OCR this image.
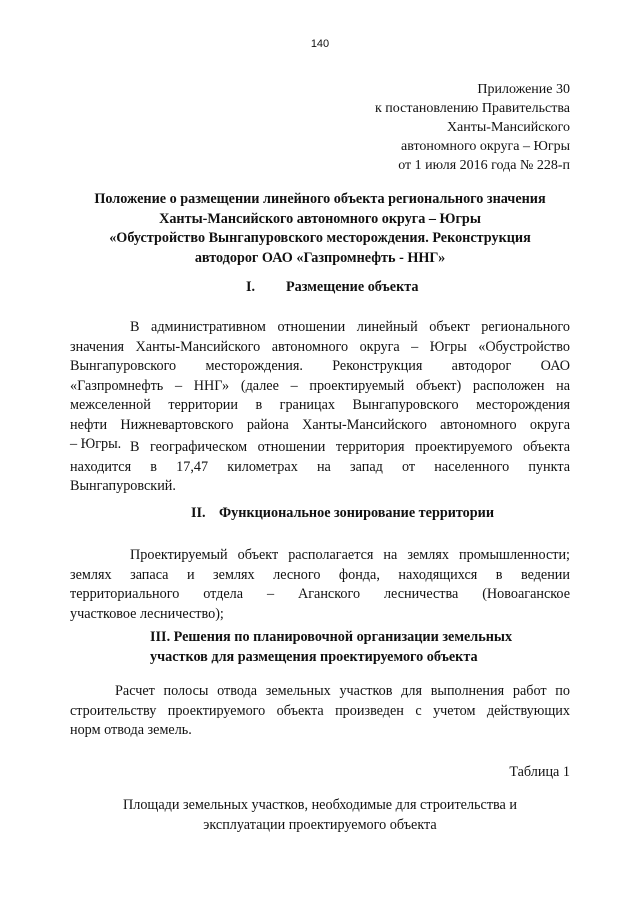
140
Приложение 30
к постановлению Правительства
Ханты-Мансийского
автономного округа – Югры
от 1 июля 2016 года № 228-п
Положение о размещении линейного объекта регионального значения
Ханты-Мансийского автономного округа – Югры
«Обустройство Вынгапуровского месторождения. Реконструкция
автодорог ОАО «Газпромнефть - ННГ»
I. Размещение объекта
В административном отношении линейный объект регионального
значения Ханты-Мансийского автономного округа – Югры «Обустройство
Вынгапуровского месторождения. Реконструкция автодорог ОАО
«Газпромнефть – ННГ» (далее – проектируемый объект) расположен на
межселенной территории в границах Вынгапуровского месторождения
нефти Нижневартовского района Ханты-Мансийского автономного округа
– Югры. В географическом отношении территория проектируемого объекта
находится в 17,47 километрах на запад от населенного пункта
Вынгапуровский.
II. Функциональное зонирование территории
Проектируемый объект располагается на землях промышленности;
землях запаса и землях лесного фонда, находящихся в ведении
территориального отдела – Аганского лесничества (Новоаганское
участковое лесничество);
III. Решения по планировочной организации земельных
участков для размещения проектируемого объекта
Расчет полосы отвода земельных участков для выполнения работ по
строительству проектируемого объекта произведен с учетом действующих
норм отвода земель.
Таблица 1
Площади земельных участков, необходимые для строительства и
эксплуатации проектируемого объекта
